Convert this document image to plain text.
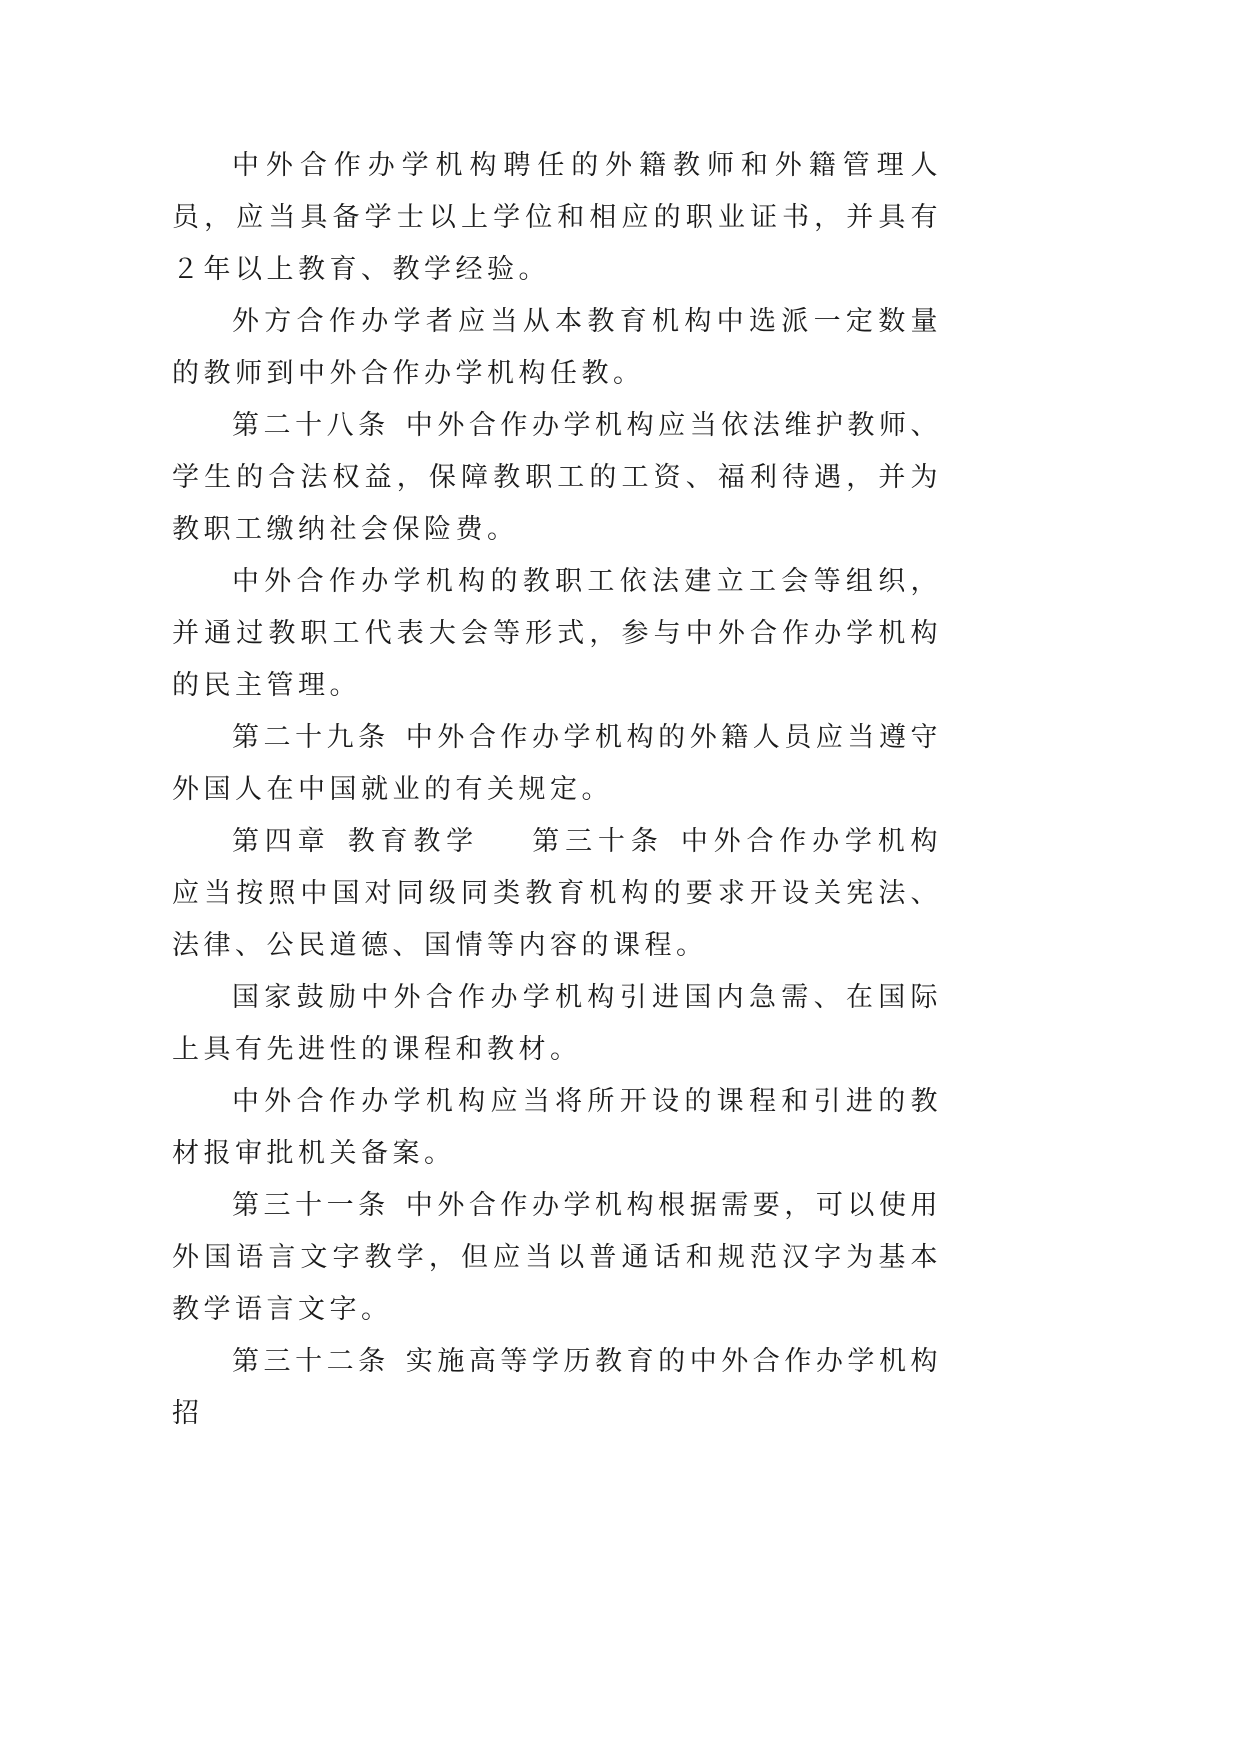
中外合作办学机构聘任的外籍教师和外籍管理人员，应当具备学士以上学位和相应的职业证书，并具有２年以上教育、教学经验。

外方合作办学者应当从本教育机构中选派一定数量的教师到中外合作办学机构任教。

第二十八条 中外合作办学机构应当依法维护教师、学生的合法权益，保障教职工的工资、福利待遇，并为教职工缴纳社会保险费。

中外合作办学机构的教职工依法建立工会等组织，并通过教职工代表大会等形式，参与中外合作办学机构的民主管理。

第二十九条 中外合作办学机构的外籍人员应当遵守外国人在中国就业的有关规定。

第四章 教育教学 第三十条 中外合作办学机构应当按照中国对同级同类教育机构的要求开设关宪法、法律、公民道德、国情等内容的课程。

国家鼓励中外合作办学机构引进国内急需、在国际上具有先进性的课程和教材。

中外合作办学机构应当将所开设的课程和引进的教材报审批机关备案。

第三十一条 中外合作办学机构根据需要，可以使用外国语言文字教学，但应当以普通话和规范汉字为基本教学语言文字。

第三十二条 实施高等学历教育的中外合作办学机构招
